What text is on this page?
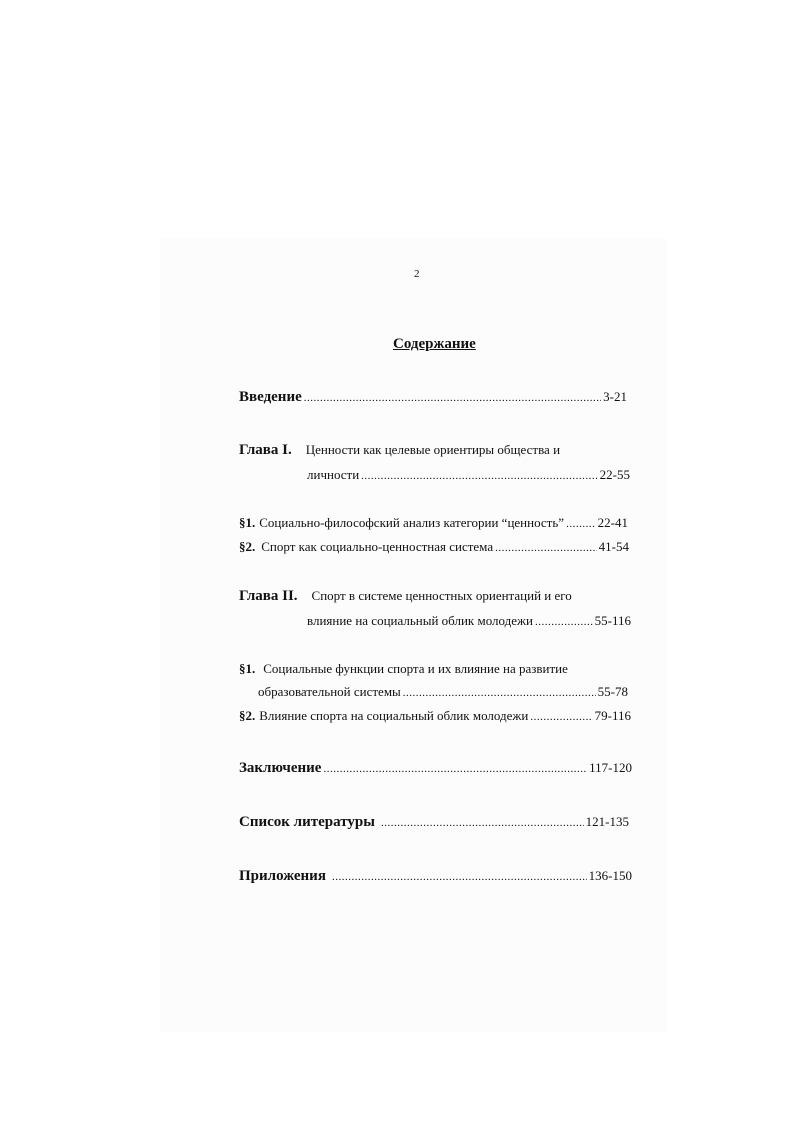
2
Содержание
Введение .....	3-21
Глава I. Ценности как целевые ориентиры общества и
личности .....	22-55
§1. Социально-философский анализ категории “ценность” .....	22-41
§2. Спорт как социально-ценностная система .....	41-54
Глава II. Спорт в системе ценностных ориентаций и его
влияние на социальный облик молодежи .....	55-116
§1. Социальные функции спорта и их влияние на развитие
образовательной системы .....	55-78
§2. Влияние спорта на социальный облик молодежи .....	79-116
Заключение .....	117-120
Список литературы .....	121-135
Приложения .....	136-150
